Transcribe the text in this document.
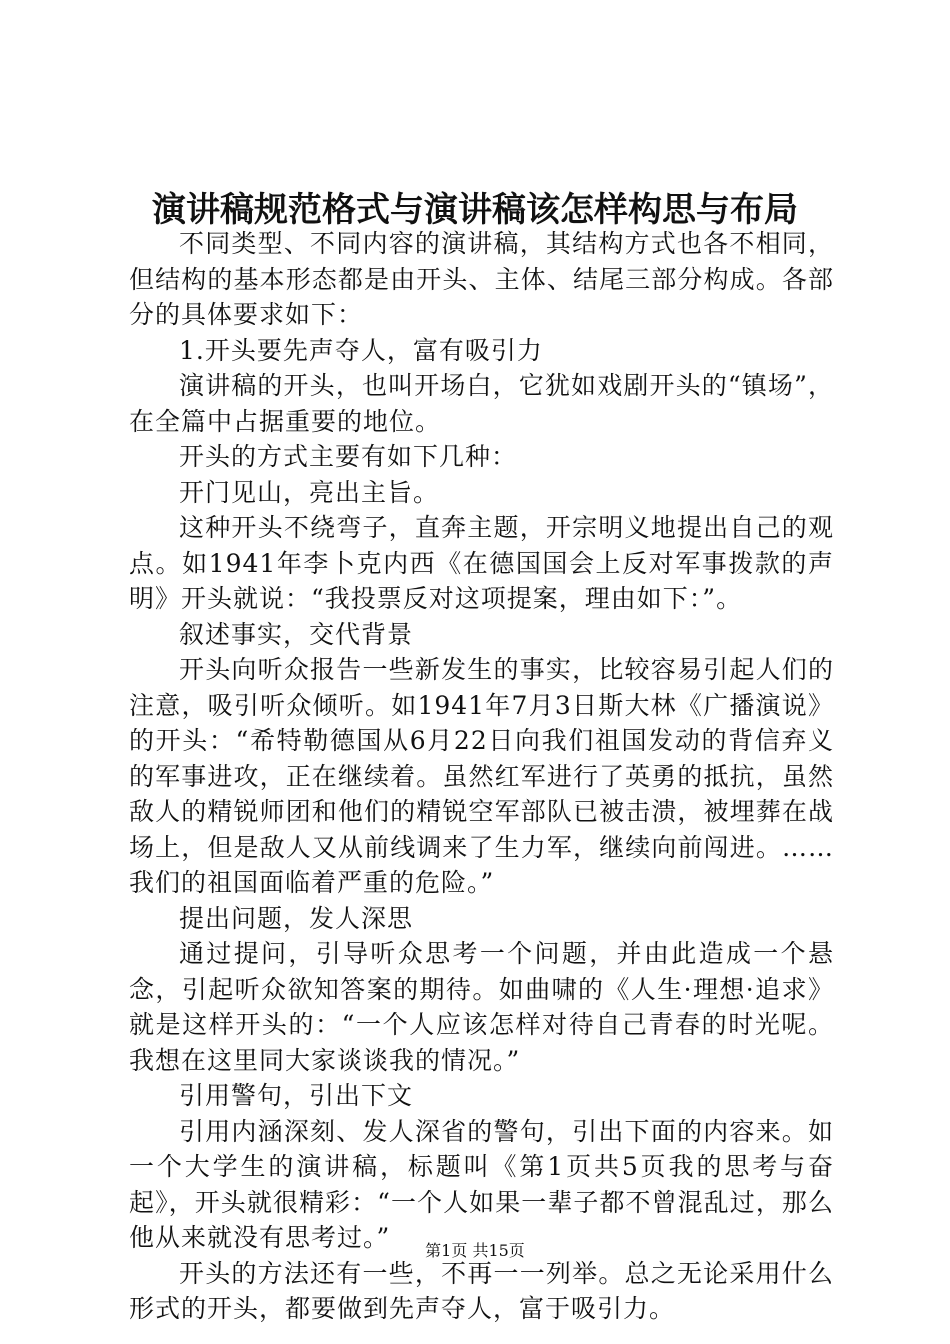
演讲稿规范格式与演讲稿该怎样构思与布局

不同类型、不同内容的演讲稿，其结构方式也各不相同，但结构的基本形态都是由开头、主体、结尾三部分构成。各部分的具体要求如下：

1.开头要先声夺人，富有吸引力

演讲稿的开头，也叫开场白，它犹如戏剧开头的“镇场”，在全篇中占据重要的地位。

开头的方式主要有如下几种：

开门见山，亮出主旨。

这种开头不绕弯子，直奔主题，开宗明义地提出自己的观点。如1941年李卜克内西《在德国国会上反对军事拨款的声明》开头就说：“我投票反对这项提案，理由如下：”。

叙述事实，交代背景

开头向听众报告一些新发生的事实，比较容易引起人们的注意，吸引听众倾听。如1941年7月3日斯大林《广播演说》的开头：“希特勒德国从6月22日向我们祖国发动的背信弃义的军事进攻，正在继续着。虽然红军进行了英勇的抵抗，虽然敌人的精锐师团和他们的精锐空军部队已被击溃，被埋葬在战场上，但是敌人又从前线调来了生力军，继续向前闯进。……我们的祖国面临着严重的危险。”

提出问题，发人深思

通过提问，引导听众思考一个问题，并由此造成一个悬念，引起听众欲知答案的期待。如曲啸的《人生·理想·追求》就是这样开头的：“一个人应该怎样对待自己青春的时光呢。我想在这里同大家谈谈我的情况。”

引用警句，引出下文

引用内涵深刻、发人深省的警句，引出下面的内容来。如一个大学生的演讲稿，标题叫《第1页共5页我的思考与奋起》，开头就很精彩：“一个人如果一辈子都不曾混乱过，那么他从来就没有思考过。”

开头的方法还有一些，不再一一列举。总之无论采用什么形式的开头，都要做到先声夺人，富于吸引力。

第1页 共15页
